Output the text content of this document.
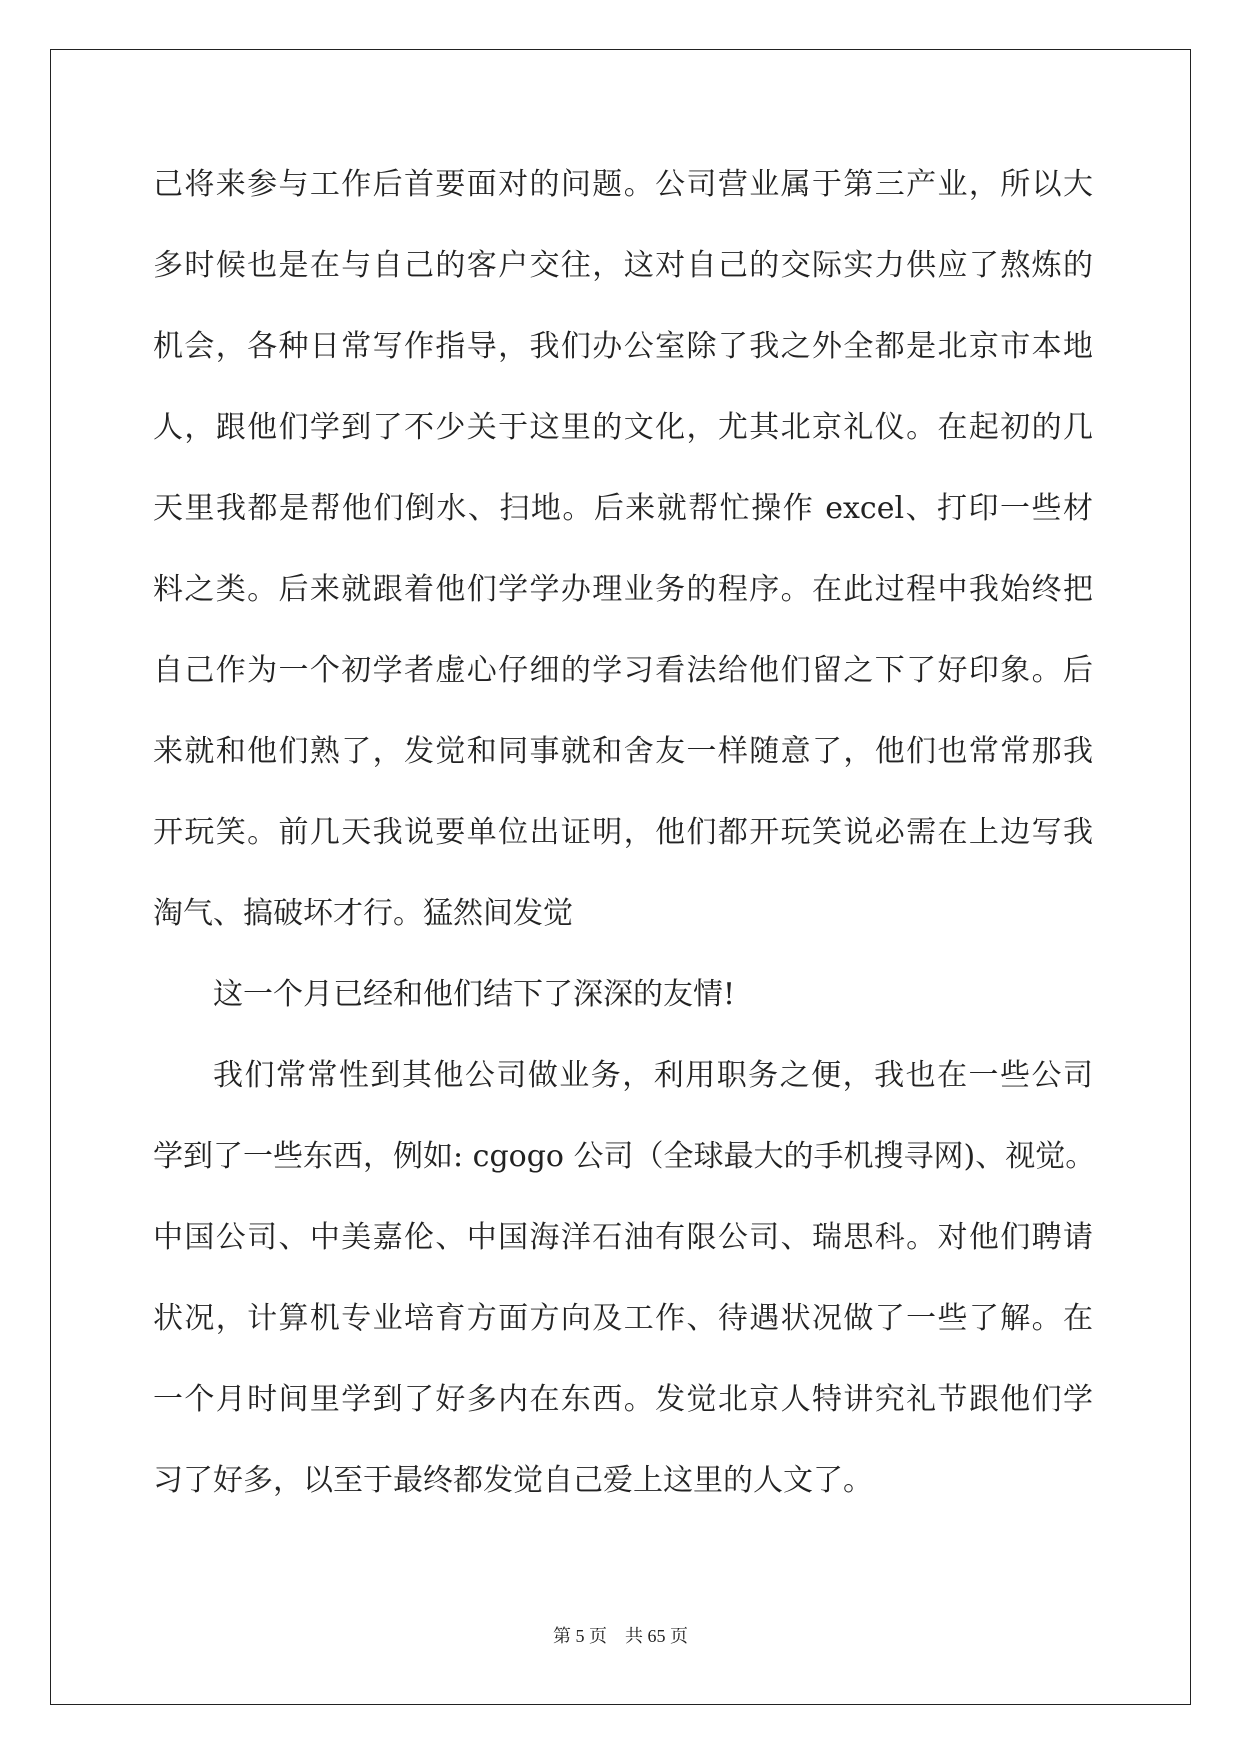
己将来参与工作后首要面对的问题。公司营业属于第三产业，所以大
多时候也是在与自己的客户交往，这对自己的交际实力供应了熬炼的
机会，各种日常写作指导，我们办公室除了我之外全都是北京市本地
人，跟他们学到了不少关于这里的文化，尤其北京礼仪。在起初的几
天里我都是帮他们倒水、扫地。后来就帮忙操作 excel、打印一些材
料之类。后来就跟着他们学学办理业务的程序。在此过程中我始终把
自己作为一个初学者虚心仔细的学习看法给他们留之下了好印象。后
来就和他们熟了，发觉和同事就和舍友一样随意了，他们也常常那我
开玩笑。前几天我说要单位出证明，他们都开玩笑说必需在上边写我
淘气、搞破坏才行。猛然间发觉
这一个月已经和他们结下了深深的友情!
我们常常性到其他公司做业务，利用职务之便，我也在一些公司
学到了一些东西，例如: cgogo 公司（全球最大的手机搜寻网)、视觉。
中国公司、中美嘉伦、中国海洋石油有限公司、瑞思科。对他们聘请
状况，计算机专业培育方面方向及工作、待遇状况做了一些了解。在
一个月时间里学到了好多内在东西。发觉北京人特讲究礼节跟他们学
习了好多，以至于最终都发觉自己爱上这里的人文了。
第 5 页 共 65 页
